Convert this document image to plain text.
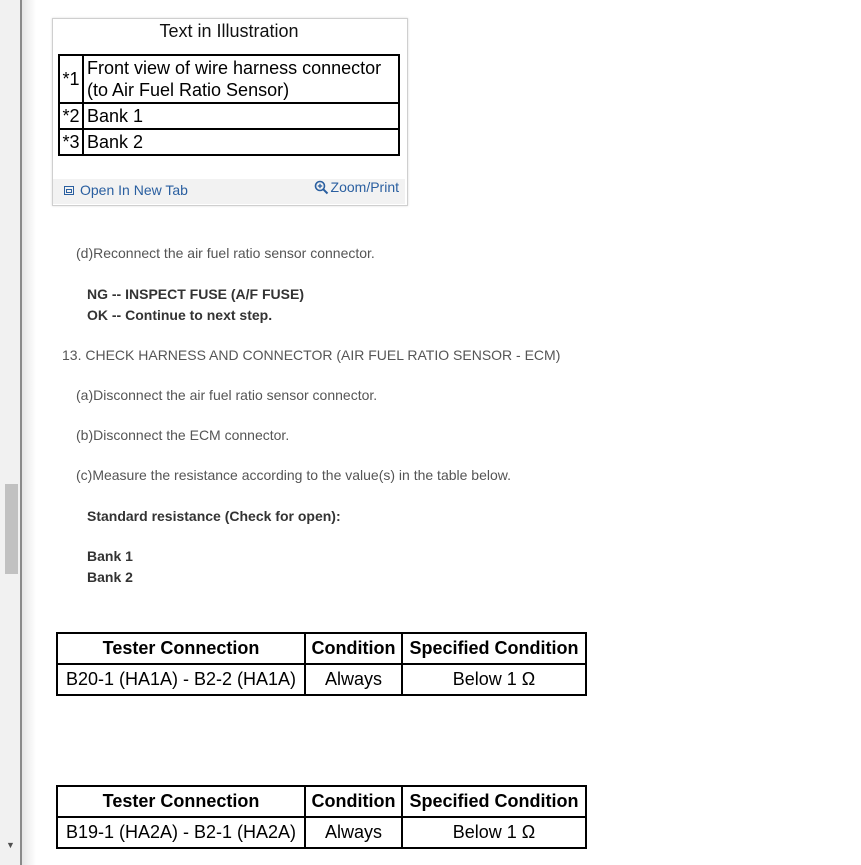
▼
Text in Illustration
*1	Front view of wire harness connector
(to Air Fuel Ratio Sensor)

*2	Bank 1
*3	Bank 2
Open In New Tab	Zoom/Print
(d)Reconnect the air fuel ratio sensor connector.
NG -- INSPECT FUSE (A/F FUSE)
OK -- Continue to next step.
13. CHECK HARNESS AND CONNECTOR (AIR FUEL RATIO SENSOR - ECM)
(a)Disconnect the air fuel ratio sensor connector.
(b)Disconnect the ECM connector.
(c)Measure the resistance according to the value(s) in the table below.
Standard resistance (Check for open):
Bank 1
Bank 2
Tester Connection	Condition	Specified Condition
B20-1 (HA1A) - B2-2 (HA1A)	Always	Below 1 Ω
Tester Connection	Condition	Specified Condition
B19-1 (HA2A) - B2-1 (HA2A)	Always	Below 1 Ω
